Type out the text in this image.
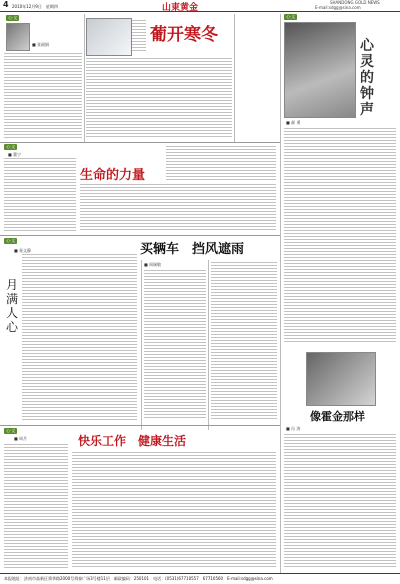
4 2010年12月9日　星期四	山東黄金
SHANDONG GOLD NEWS
E-mail:sdgg@sina.com
心·文
■ 张丽娟	葡开寒冬
心·文
■ 董宁
生命的力量
买辆车　挡风遮雨
■ 周瑞敏
心·文
■ 胥文静
月满人心
心·文
■ 周月	快乐工作　健康生活
心·文
心灵的钟声
■ 郝 勇
像霍金那样
■ 冯 涛
本报地址：济南市高新区舜华路2000号舜泰广场3号楼11层　邮政编码：250101　电话：(0531)67710557　67710560　E-mail:sdgg@sina.com
